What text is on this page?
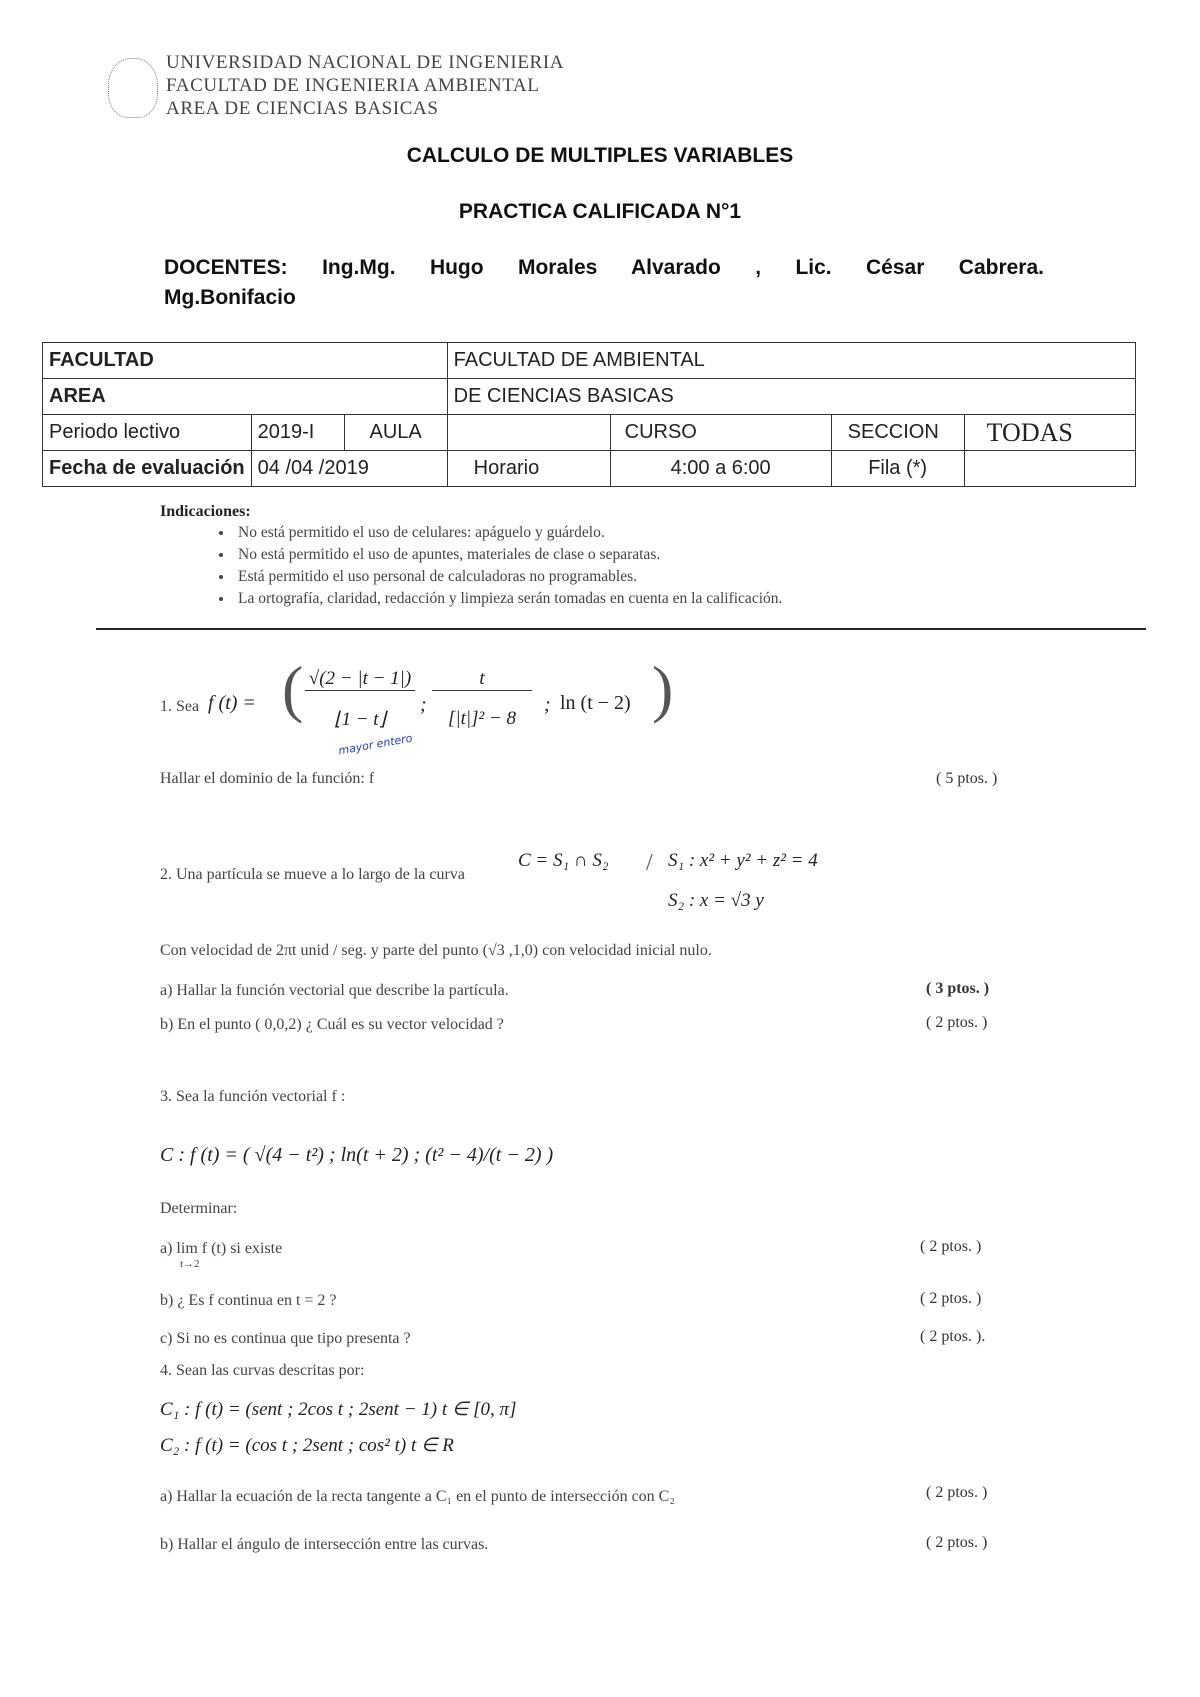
UNIVERSIDAD NACIONAL DE INGENIERIA
FACULTAD DE INGENIERIA AMBIENTAL
AREA DE CIENCIAS BASICAS
CALCULO DE MULTIPLES VARIABLES
PRACTICA CALIFICADA N°1
DOCENTES: Ing.Mg. Hugo Morales Alvarado , Lic. César Cabrera.
Mg.Bonifacio
FACULTAD			FACULTAD DE AMBIENTAL			
AREA			DE CIENCIAS BASICAS			
Periodo lectivo	2019-I	AULA		CURSO	SECCION	TODAS
Fecha de evaluación	04 /04 /2019		Horario	4:00 a 6:00	Fila (*)	
Indicaciones:
• No está permitido el uso de celulares: apáguelo y guárdelo.
• No está permitido el uso de apuntes, materiales de clase o separatas.
• Está permitido el uso personal de calculadoras no programables.
• La ortografía, claridad, redacción y limpieza serán tomadas en cuenta en la calificación.
1. Sea f (t) = ( √(2 − |t − 1|)
⌊1 − t⌋
;
t
[|t|]² − 8
; ln (t − 2) )
mayor entero
Hallar el dominio de la función: f	( 5 ptos. )
2. Una partícula se mueve a lo largo de la curva
C = S₁ ∩ S₂ / S₁ : x² + y² + z² = 4
S₂ : x = √3 y
Con velocidad de 2πt unid / seg. y parte del punto (√3 ,1,0) con velocidad inicial nulo.
a) Hallar la función vectorial que describe la partícula.	( 3 ptos. )
b) En el punto ( 0,0,2) ¿ Cuál es su vector velocidad ?	( 2 ptos. )
3. Sea la función vectorial f :
C : f (t) = ( √(4 − t²) ; ln(t + 2) ; (t² − 4)/(t − 2) )
Determinar:
a) lim f (t) si existe
t→2
( 2 ptos. )
b) ¿ Es f continua en t = 2 ?	( 2 ptos. )
c) Si no es continua que tipo presenta ?	( 2 ptos. ).
4. Sean las curvas descritas por:
C₁ : f (t) = (sent ; 2cos t ; 2sent − 1) t ∈ [0, π]
C₂ : f (t) = (cos t ; 2sent ; cos² t) t ∈ R
a) Hallar la ecuación de la recta tangente a C₁ en el punto de intersección con C₂	( 2 ptos. )
b) Hallar el ángulo de intersección entre las curvas.	( 2 ptos. )
